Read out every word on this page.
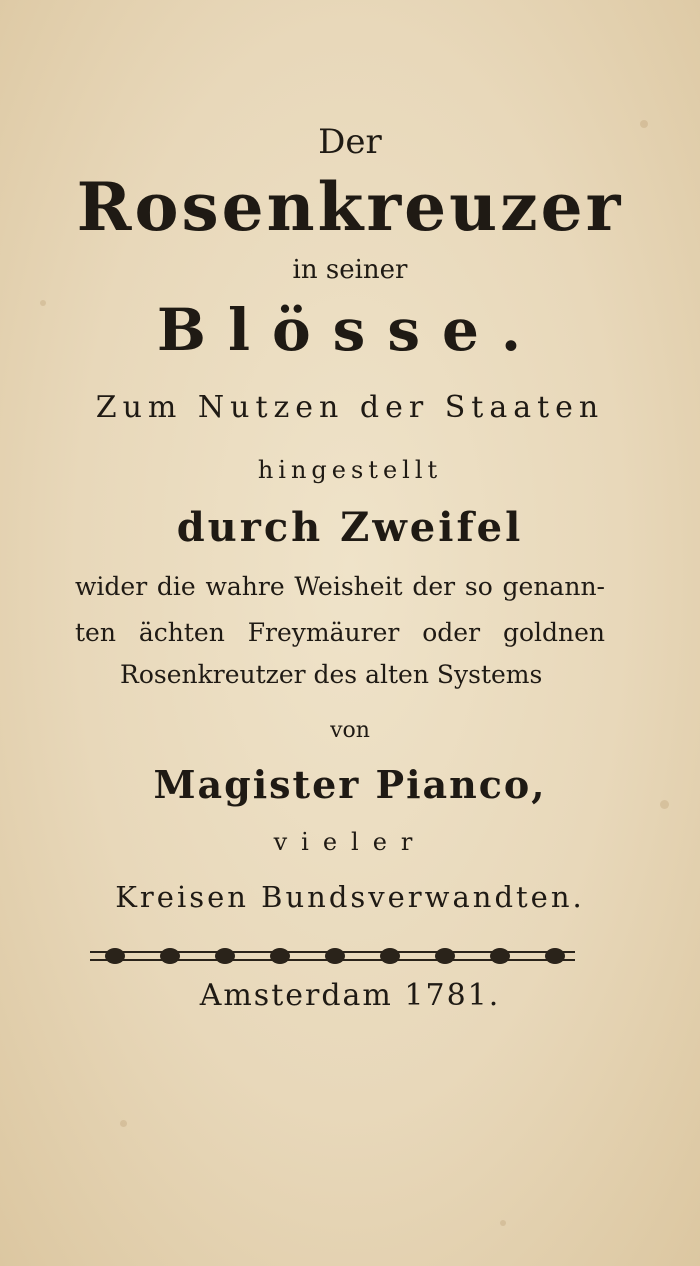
Der
Rosenkreuzer
in seiner
Blösse.
Zum Nutzen der Staaten
hingestellt
durch Zweifel
wider die wahre Weisheit der so genann-
ten ächten Freymäurer oder goldnen
Rosenkreutzer des alten Systems
von
Magister Pianco,
vieler
Kreisen Bundsverwandten.
Amsterdam 1781.
